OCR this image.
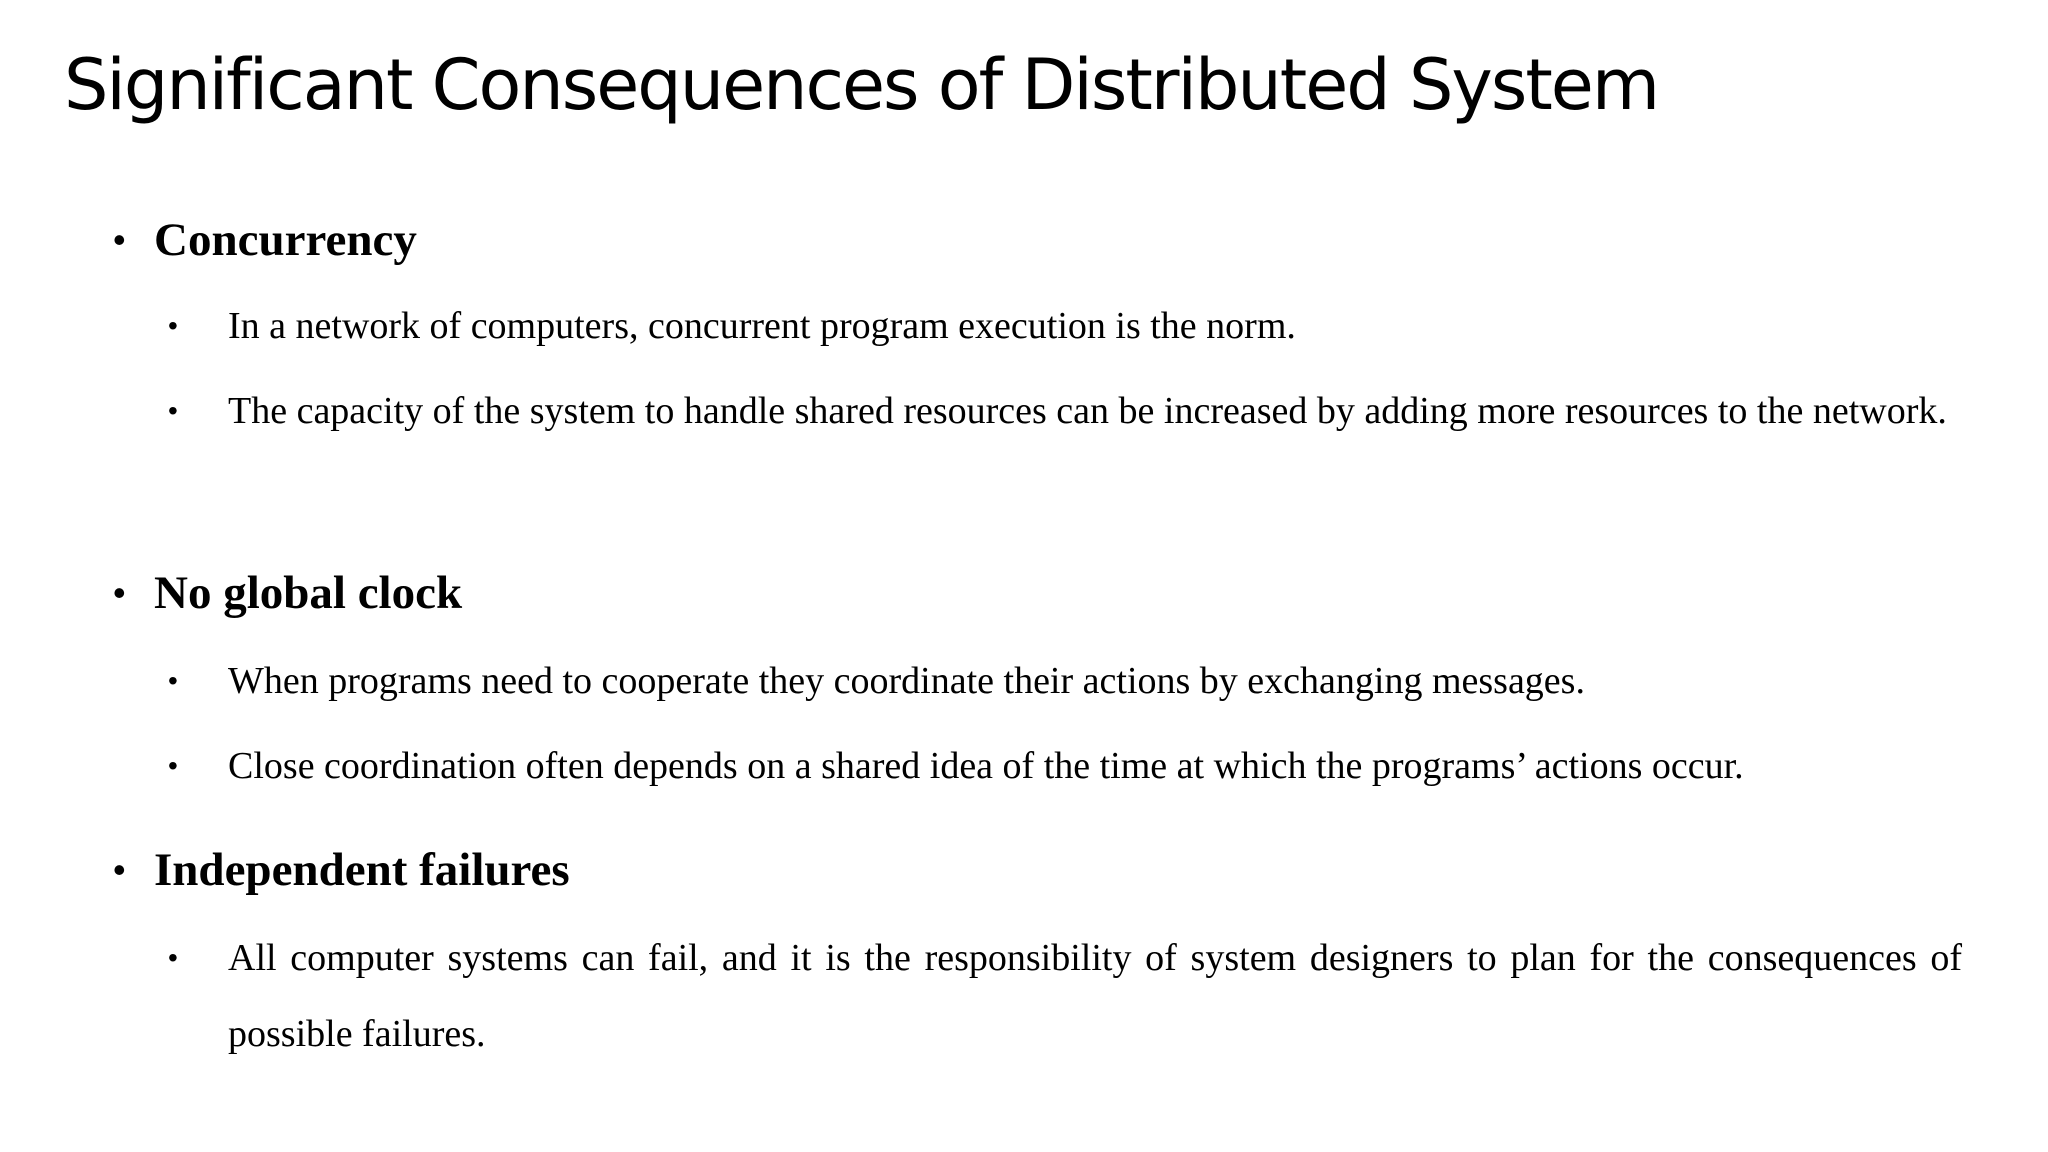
Significant Consequences of Distributed System
• Concurrency
• In a network of computers, concurrent program execution is the norm.
• The capacity of the system to handle shared resources can be increased by adding more resources to the network.
• No global clock
• When programs need to cooperate they coordinate their actions by exchanging messages.
• Close coordination often depends on a shared idea of the time at which the programs’ actions occur.
• Independent failures
• All computer systems can fail, and it is the responsibility of system designers to plan for the consequences of possible failures.
